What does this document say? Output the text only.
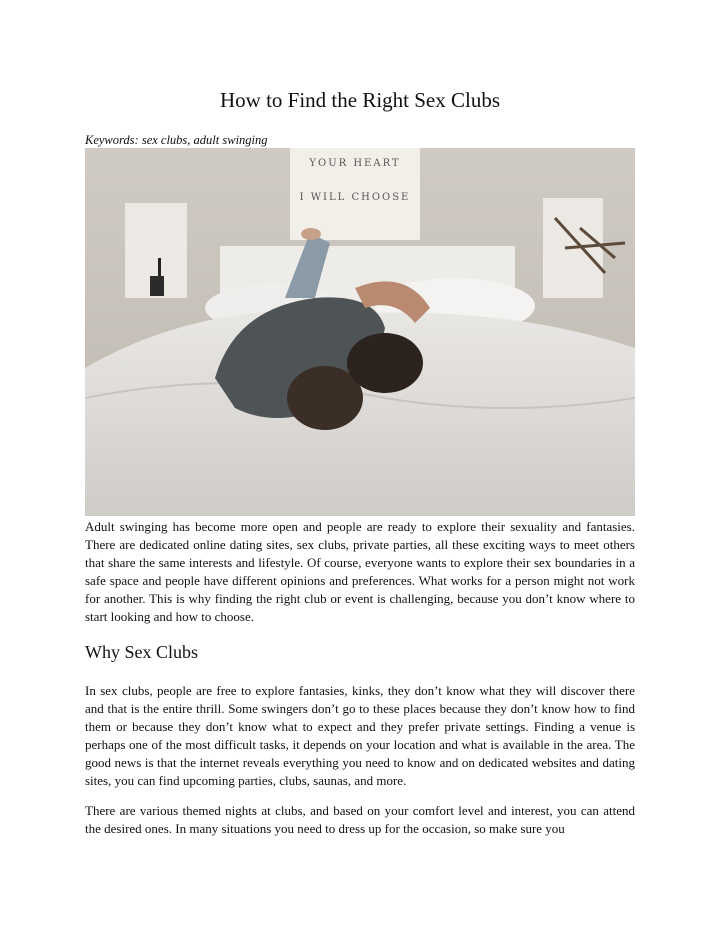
How to Find the Right Sex Clubs
Keywords: sex clubs, adult swinging
YOUR HEART
I WILL CHOOSE

Adult swinging has become more open and people are ready to explore their sexuality and fantasies. There are dedicated online dating sites, sex clubs, private parties, all these exciting ways to meet others that share the same interests and lifestyle. Of course, everyone wants to explore their sex boundaries in a safe space and people have different opinions and preferences. What works for a person might not work for another. This is why finding the right club or event is challenging, because you don’t know where to start looking and how to choose.

Why Sex Clubs

In sex clubs, people are free to explore fantasies, kinks, they don’t know what they will discover there and that is the entire thrill. Some swingers don’t go to these places because they don’t know how to find them or because they don’t know what to expect and they prefer private settings. Finding a venue is perhaps one of the most difficult tasks, it depends on your location and what is available in the area. The good news is that the internet reveals everything you need to know and on dedicated websites and dating sites, you can find upcoming parties, clubs, saunas, and more.

There are various themed nights at clubs, and based on your comfort level and interest, you can attend the desired ones. In many situations you need to dress up for the occasion, so make sure you
